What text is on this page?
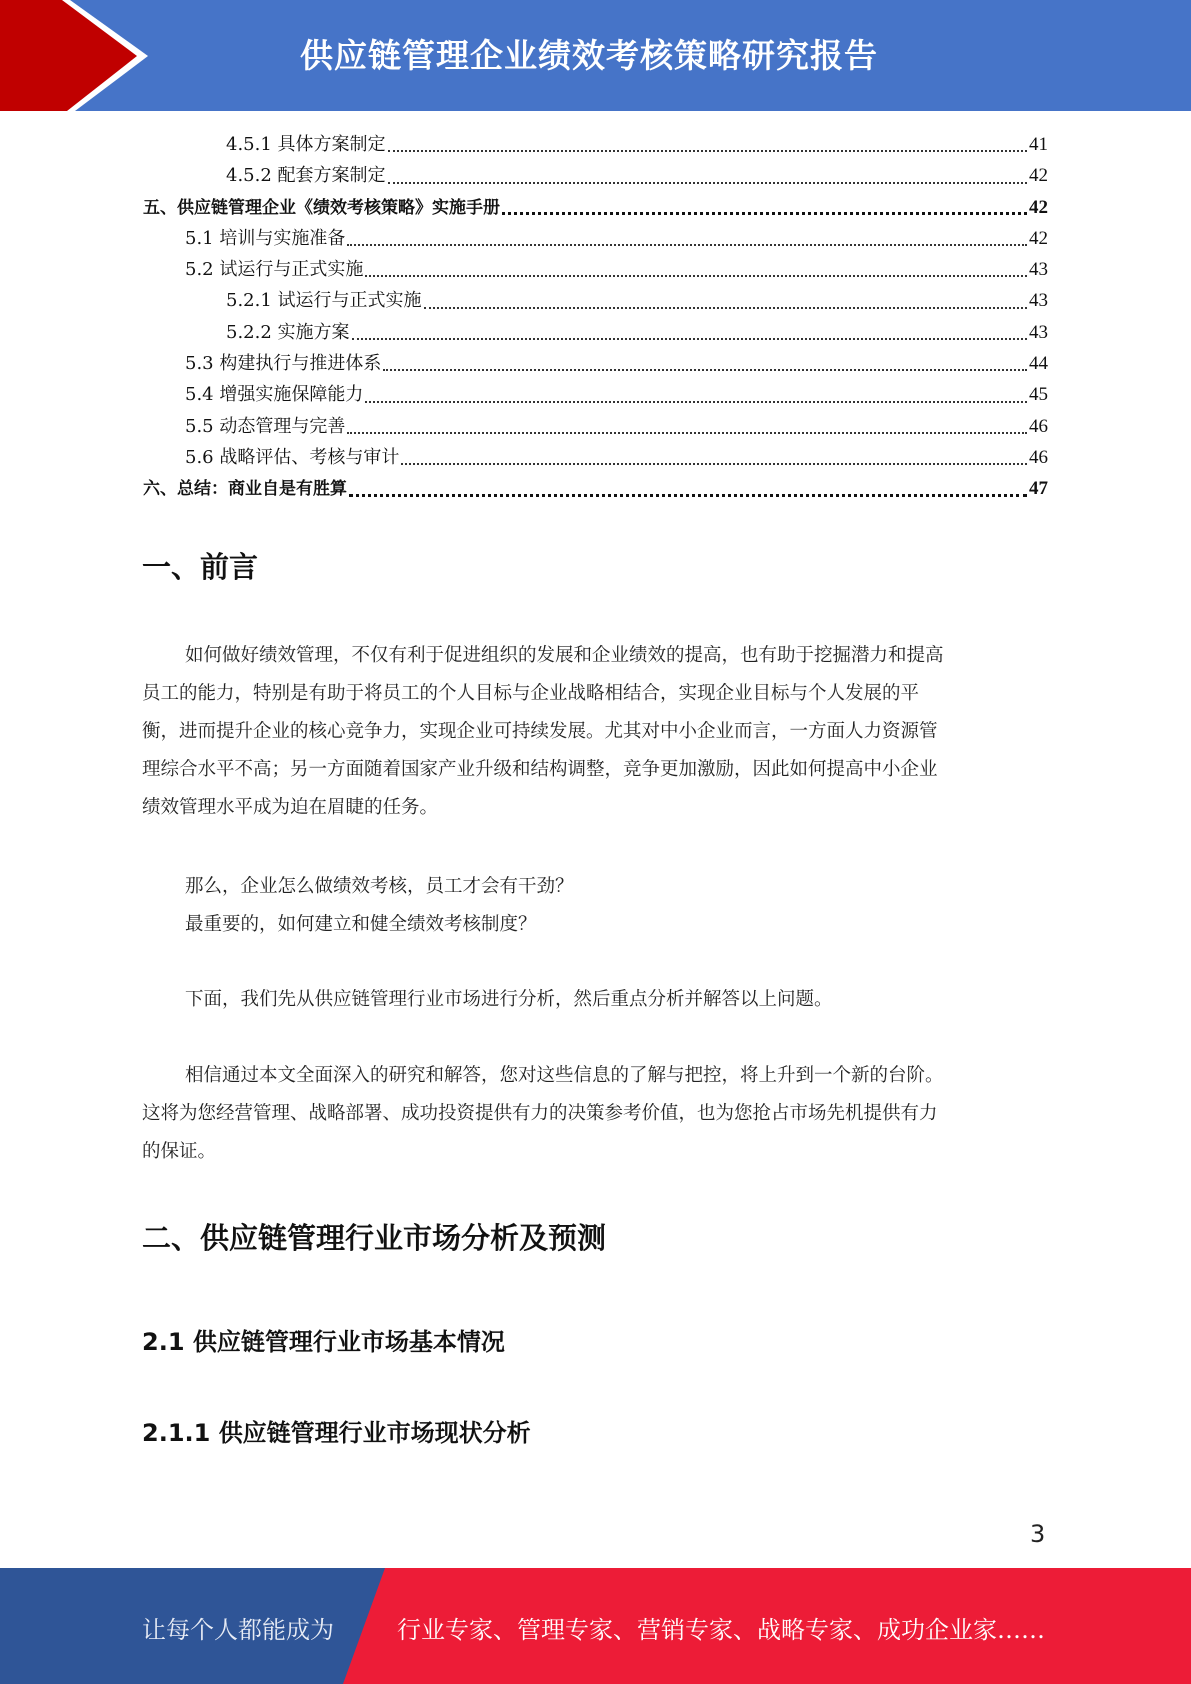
供应链管理企业绩效考核策略研究报告
4.5.1 具体方案制定	41
4.5.2 配套方案制定	42
五、供应链管理企业《绩效考核策略》实施手册	42
5.1 培训与实施准备	42
5.2 试运行与正式实施	43
5.2.1 试运行与正式实施	43
5.2.2 实施方案	43
5.3 构建执行与推进体系	44
5.4 增强实施保障能力	45
5.5 动态管理与完善	46
5.6 战略评估、考核与审计	46
六、总结：商业自是有胜算	47
一、前言
如何做好绩效管理，不仅有利于促进组织的发展和企业绩效的提高，也有助于挖掘潜力和提高
员工的能力，特别是有助于将员工的个人目标与企业战略相结合，实现企业目标与个人发展的平
衡，进而提升企业的核心竞争力，实现企业可持续发展。尤其对中小企业而言，一方面人力资源管
理综合水平不高；另一方面随着国家产业升级和结构调整，竞争更加激励，因此如何提高中小企业
绩效管理水平成为迫在眉睫的任务。
那么，企业怎么做绩效考核，员工才会有干劲？
最重要的，如何建立和健全绩效考核制度？
下面，我们先从供应链管理行业市场进行分析，然后重点分析并解答以上问题。
相信通过本文全面深入的研究和解答，您对这些信息的了解与把控，将上升到一个新的台阶。
这将为您经营管理、战略部署、成功投资提供有力的决策参考价值，也为您抢占市场先机提供有力
的保证。
二、供应链管理行业市场分析及预测
2.1 供应链管理行业市场基本情况
2.1.1 供应链管理行业市场现状分析
3
让每个人都能成为	行业专家、管理专家、营销专家、战略专家、成功企业家……
